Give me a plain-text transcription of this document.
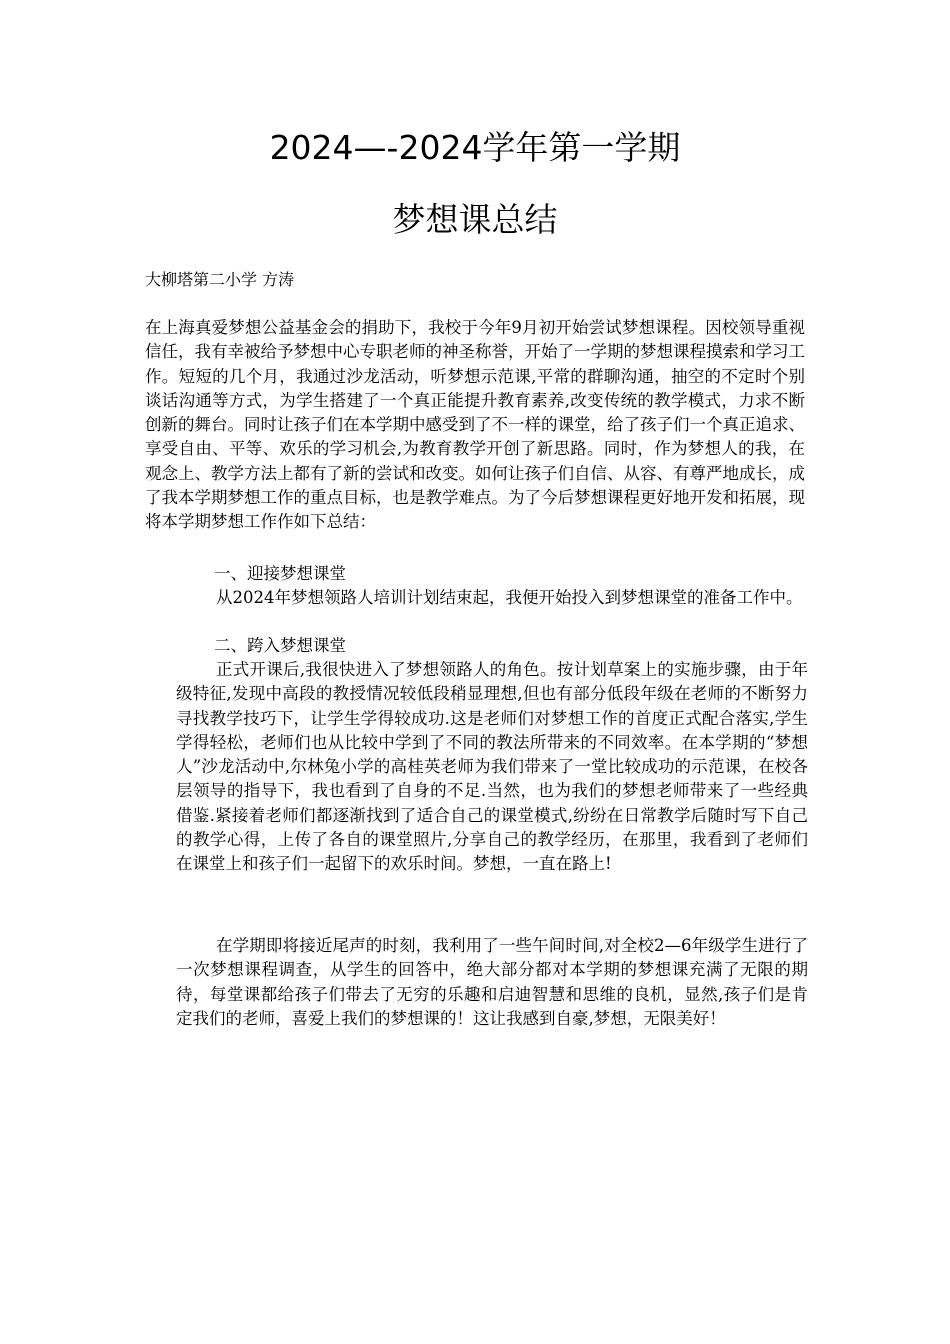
2024—-2024学年第一学期
梦想课总结

大柳塔第二小学 方涛

在上海真爱梦想公益基金会的捐助下，我校于今年9月初开始尝试梦想课程。因校领导重视信任，我有幸被给予梦想中心专职老师的神圣称誉，开始了一学期的梦想课程摸索和学习工作。短短的几个月，我通过沙龙活动，听梦想示范课,平常的群聊沟通，抽空的不定时个别谈话沟通等方式，为学生搭建了一个真正能提升教育素养,改变传统的教学模式，力求不断创新的舞台。同时让孩子们在本学期中感受到了不一样的课堂，给了孩子们一个真正追求、享受自由、平等、欢乐的学习机会,为教育教学开创了新思路。同时，作为梦想人的我，在观念上、教学方法上都有了新的尝试和改变。如何让孩子们自信、从容、有尊严地成长，成了我本学期梦想工作的重点目标，也是教学难点。为了今后梦想课程更好地开发和拓展，现将本学期梦想工作作如下总结：

一、迎接梦想课堂

从2024年梦想领路人培训计划结束起，我便开始投入到梦想课堂的准备工作中。

二、跨入梦想课堂

正式开课后,我很快进入了梦想领路人的角色。按计划草案上的实施步骤，由于年级特征,发现中高段的教授情况较低段稍显理想,但也有部分低段年级在老师的不断努力寻找教学技巧下，让学生学得较成功.这是老师们对梦想工作的首度正式配合落实,学生学得轻松，老师们也从比较中学到了不同的教法所带来的不同效率。在本学期的“梦想人”沙龙活动中,尔林兔小学的高桂英老师为我们带来了一堂比较成功的示范课，在校各层领导的指导下，我也看到了自身的不足.当然，也为我们的梦想老师带来了一些经典借鉴.紧接着老师们都逐渐找到了适合自己的课堂模式,纷纷在日常教学后随时写下自己的教学心得，上传了各自的课堂照片,分享自己的教学经历，在那里，我看到了老师们在课堂上和孩子们一起留下的欢乐时间。梦想，一直在路上!

在学期即将接近尾声的时刻，我利用了一些午间时间,对全校2—6年级学生进行了一次梦想课程调查，从学生的回答中，绝大部分都对本学期的梦想课充满了无限的期待，每堂课都给孩子们带去了无穷的乐趣和启迪智慧和思维的良机，显然,孩子们是肯定我们的老师，喜爱上我们的梦想课的！这让我感到自豪,梦想，无限美好！
